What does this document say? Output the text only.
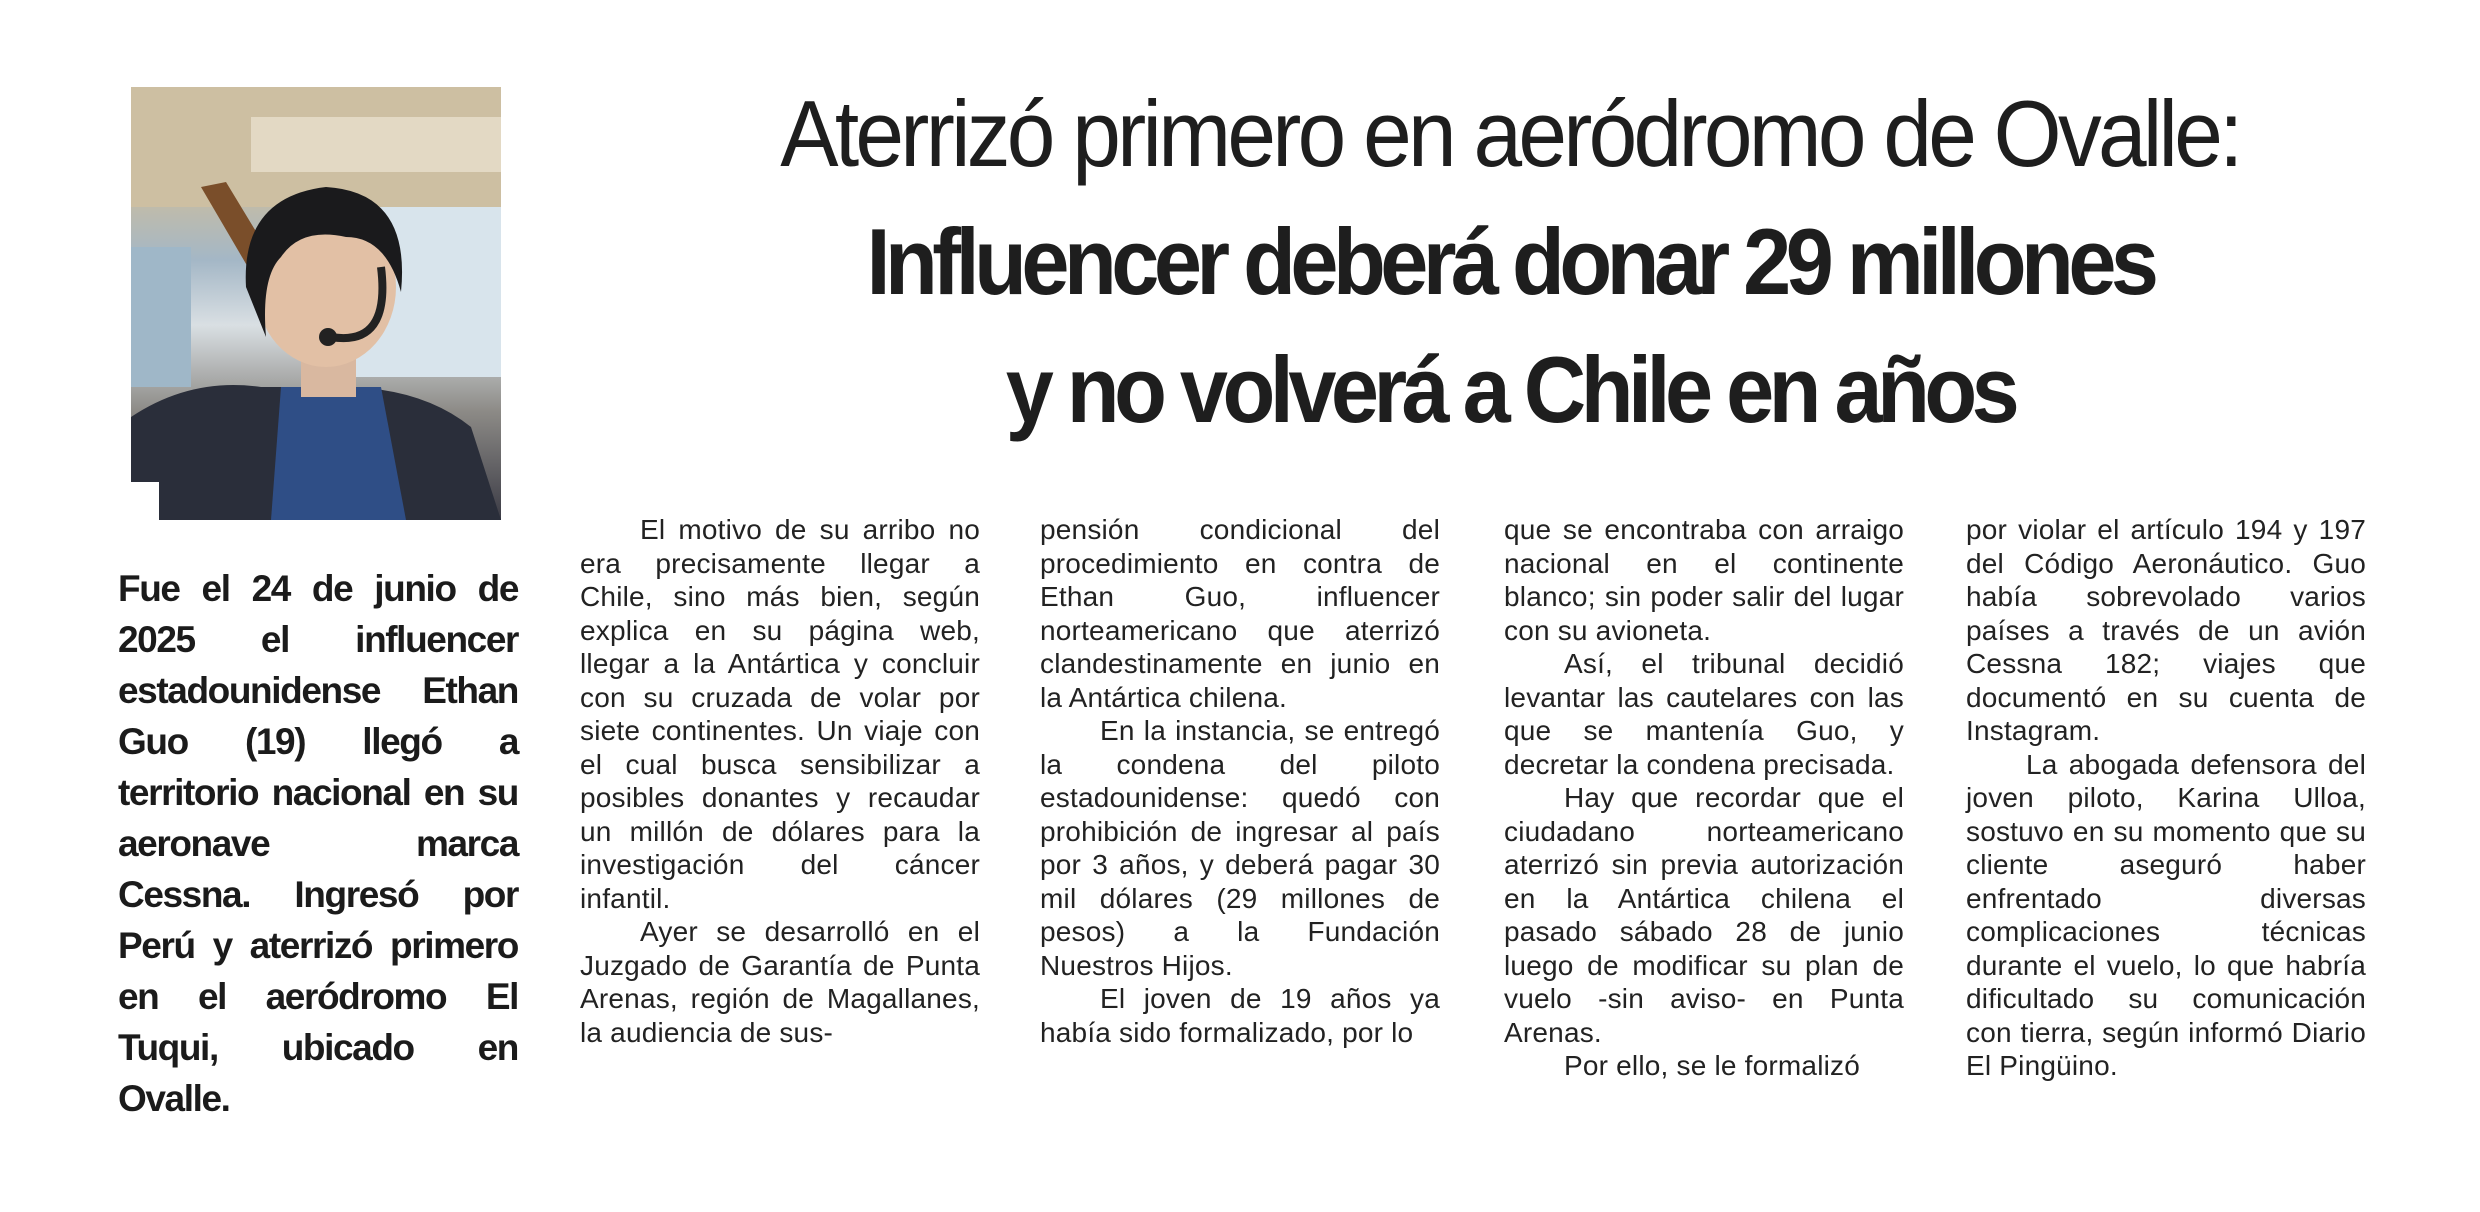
Aterrizó primero en aeródromo de Ovalle:
Influencer deberá donar 29 millones
y no volverá a Chile en años

Fue el 24 de junio de 2025 el influencer estadounidense Ethan Guo (19) llegó a territorio nacional en su aeronave marca Cessna. Ingresó por Perú y aterrizó primero en el aeródromo El Tuqui, ubicado en Ovalle.

El motivo de su arribo no era precisamente llegar a Chile, sino más bien, según explica en su página web, llegar a la Antártica y concluir con su cruzada de volar por siete continentes. Un viaje con el cual busca sensibilizar a posibles donantes y recaudar un millón de dólares para la investigación del cáncer infantil.

Ayer se desarrolló en el Juzgado de Garantía de Punta Arenas, región de Magallanes, la audiencia de sus-

pensión condicional del procedimiento en contra de Ethan Guo, influencer norteamericano que aterrizó clandestinamente en junio en la Antártica chilena.

En la instancia, se entregó la condena del piloto estadounidense: quedó con prohibición de ingresar al país por 3 años, y deberá pagar 30 mil dólares (29 millones de pesos) a la Fundación Nuestros Hijos.

El joven de 19 años ya había sido formalizado, por lo

que se encontraba con arraigo nacional en el continente blanco; sin poder salir del lugar con su avioneta.

Así, el tribunal decidió levantar las cautelares con las que se mantenía Guo, y decretar la condena precisada.

Hay que recordar que el ciudadano norteamericano aterrizó sin previa autorización en la Antártica chilena el pasado sábado 28 de junio luego de modificar su plan de vuelo -sin aviso- en Punta Arenas.

Por ello, se le formalizó

por violar el artículo 194 y 197 del Código Aeronáutico. Guo había sobrevolado varios países a través de un avión Cessna 182; viajes que documentó en su cuenta de Instagram.

La abogada defensora del joven piloto, Karina Ulloa, sostuvo en su momento que su cliente aseguró haber enfrentado diversas complicaciones técnicas durante el vuelo, lo que habría dificultado su comunicación con tierra, según informó Diario El Pingüino.
